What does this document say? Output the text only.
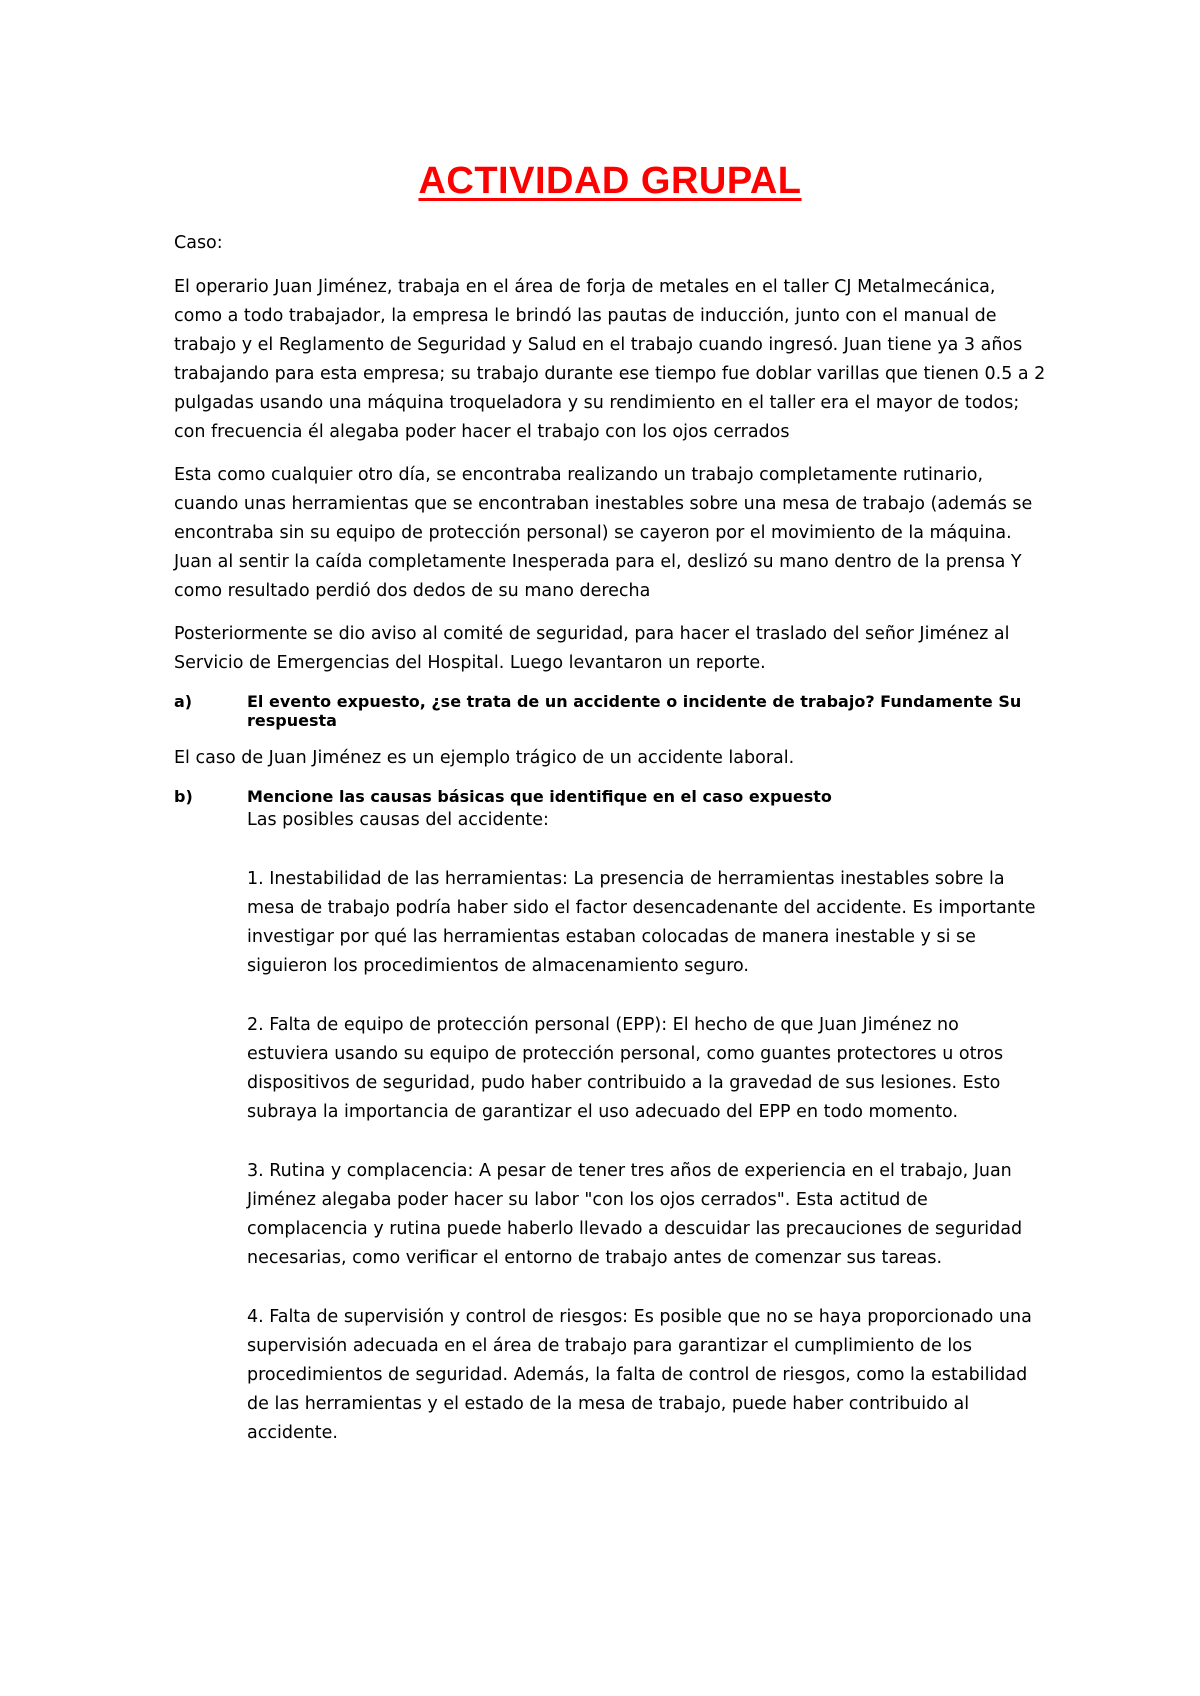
ACTIVIDAD GRUPAL

Caso:

El operario Juan Jiménez, trabaja en el área de forja de metales en el taller CJ Metalmecánica, como a todo trabajador, la empresa le brindó las pautas de inducción, junto con el manual de trabajo y el Reglamento de Seguridad y Salud en el trabajo cuando ingresó. Juan tiene ya 3 años trabajando para esta empresa; su trabajo durante ese tiempo fue doblar varillas que tienen 0.5 a 2 pulgadas usando una máquina troqueladora y su rendimiento en el taller era el mayor de todos; con frecuencia él alegaba poder hacer el trabajo con los ojos cerrados

Esta como cualquier otro día, se encontraba realizando un trabajo completamente rutinario, cuando unas herramientas que se encontraban inestables sobre una mesa de trabajo (además se encontraba sin su equipo de protección personal) se cayeron por el movimiento de la máquina. Juan al sentir la caída completamente Inesperada para el, deslizó su mano dentro de la prensa Y como resultado perdió dos dedos de su mano derecha

Posteriormente se dio aviso al comité de seguridad, para hacer el traslado del señor Jiménez al Servicio de Emergencias del Hospital. Luego levantaron un reporte.

a)	El evento expuesto, ¿se trata de un accidente o incidente de trabajo? Fundamente Su respuesta

El caso de Juan Jiménez es un ejemplo trágico de un accidente laboral.

b)	Mencione las causas básicas que identifique en el caso expuesto

Las posibles causas del accidente:

1. Inestabilidad de las herramientas: La presencia de herramientas inestables sobre la mesa de trabajo podría haber sido el factor desencadenante del accidente. Es importante investigar por qué las herramientas estaban colocadas de manera inestable y si se siguieron los procedimientos de almacenamiento seguro.

2. Falta de equipo de protección personal (EPP): El hecho de que Juan Jiménez no estuviera usando su equipo de protección personal, como guantes protectores u otros dispositivos de seguridad, pudo haber contribuido a la gravedad de sus lesiones. Esto subraya la importancia de garantizar el uso adecuado del EPP en todo momento.

3. Rutina y complacencia: A pesar de tener tres años de experiencia en el trabajo, Juan Jiménez alegaba poder hacer su labor "con los ojos cerrados". Esta actitud de complacencia y rutina puede haberlo llevado a descuidar las precauciones de seguridad necesarias, como verificar el entorno de trabajo antes de comenzar sus tareas.

4. Falta de supervisión y control de riesgos: Es posible que no se haya proporcionado una supervisión adecuada en el área de trabajo para garantizar el cumplimiento de los procedimientos de seguridad. Además, la falta de control de riesgos, como la estabilidad de las herramientas y el estado de la mesa de trabajo, puede haber contribuido al accidente.
